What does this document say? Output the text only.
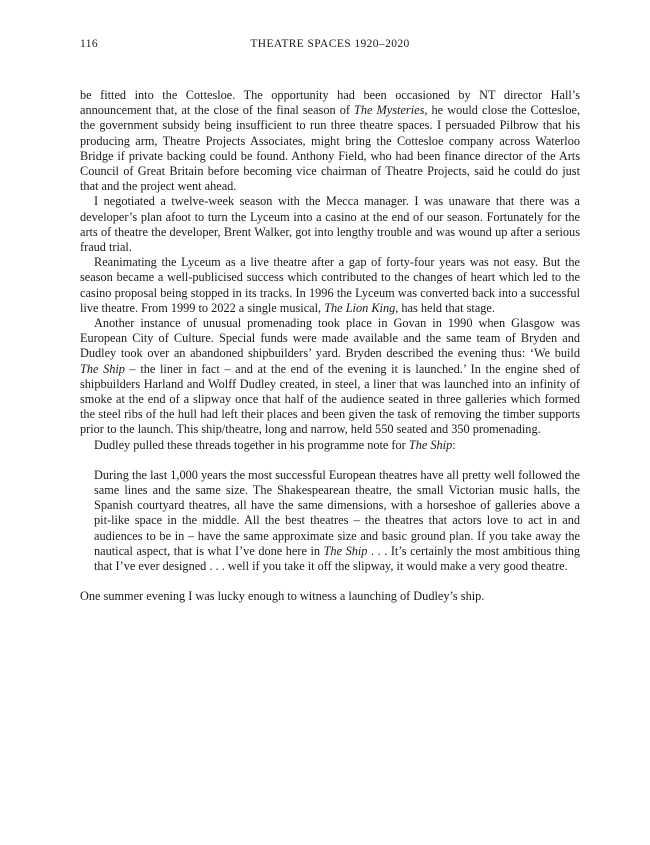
116	THEATRE SPACES 1920–2020

be fitted into the Cottesloe. The opportunity had been occasioned by NT director Hall’s announcement that, at the close of the final season of The Mysteries, he would close the Cottesloe, the government subsidy being insufficient to run three theatre spaces. I persuaded Pilbrow that his producing arm, Theatre Projects Associates, might bring the Cottesloe company across Waterloo Bridge if private backing could be found. Anthony Field, who had been finance director of the Arts Council of Great Britain before becoming vice chairman of Theatre Projects, said he could do just that and the project went ahead.

I negotiated a twelve-week season with the Mecca manager. I was unaware that there was a developer’s plan afoot to turn the Lyceum into a casino at the end of our season. Fortunately for the arts of theatre the developer, Brent Walker, got into lengthy trouble and was wound up after a serious fraud trial.

Reanimating the Lyceum as a live theatre after a gap of forty-four years was not easy. But the season became a well-publicised success which contributed to the changes of heart which led to the casino proposal being stopped in its tracks. In 1996 the Lyceum was converted back into a successful live theatre. From 1999 to 2022 a single musical, The Lion King, has held that stage.

Another instance of unusual promenading took place in Govan in 1990 when Glasgow was European City of Culture. Special funds were made available and the same team of Bryden and Dudley took over an abandoned shipbuilders’ yard. Bryden described the evening thus: ‘We build The Ship – the liner in fact – and at the end of the evening it is launched.’ In the engine shed of shipbuilders Harland and Wolff Dudley created, in steel, a liner that was launched into an infinity of smoke at the end of a slipway once that half of the audience seated in three galleries which formed the steel ribs of the hull had left their places and been given the task of removing the timber supports prior to the launch. This ship/theatre, long and narrow, held 550 seated and 350 promenading.

Dudley pulled these threads together in his programme note for The Ship:

During the last 1,000 years the most successful European theatres have all pretty well followed the same lines and the same size. The Shakespearean theatre, the small Victorian music halls, the Spanish courtyard theatres, all have the same dimensions, with a horseshoe of galleries above a pit-like space in the middle. All the best theatres – the theatres that actors love to act in and audiences to be in – have the same approximate size and basic ground plan. If you take away the nautical aspect, that is what I’ve done here in The Ship . . . It’s certainly the most ambitious thing that I’ve ever designed . . . well if you take it off the slipway, it would make a very good theatre.

One summer evening I was lucky enough to witness a launching of Dudley’s ship.
